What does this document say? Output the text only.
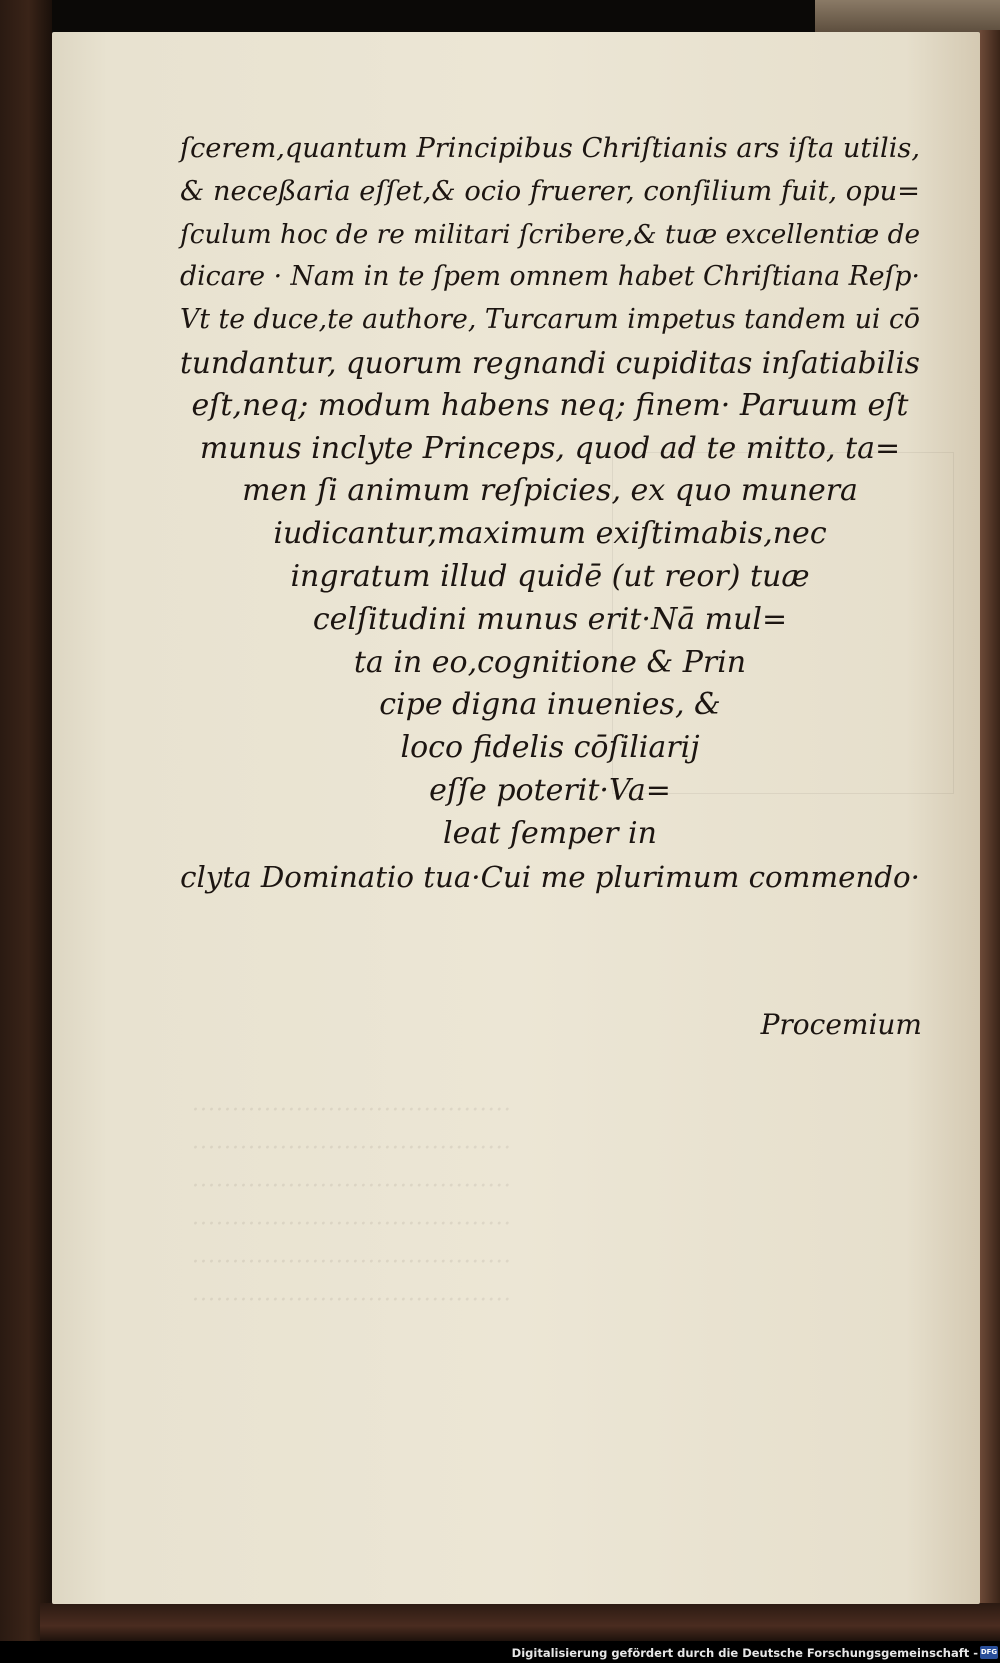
········································
········································
········································
········································
········································
········································
ſcerem,quantum Principibus Chriſtianis ars iſta utilis,
& neceßaria eſſet,& ocio fruerer, conſilium fuit, opu=
ſculum hoc de re militari ſcribere,& tuæ excellentiæ de
dicare · Nam in te ſpem omnem habet Chriſtiana Reſp·
Vt te duce,te authore, Turcarum impetus tandem ui cō
tundantur, quorum regnandi cupiditas inſatiabilis
eſt,neq; modum habens neq; finem· Paruum eſt
munus inclyte Princeps, quod ad te mitto, ta=
men ſi animum reſpicies, ex quo munera
iudicantur,maximum exiſtimabis,nec
ingratum illud quidē (ut reor) tuæ
celſitudini munus erit·Nā mul=
ta in eo,cognitione & Prin
cipe digna inuenies, &
loco fidelis cōſiliarij
eſſe poterit·Va=
leat ſemper in
clyta Dominatio tua·Cui me plurimum commendo·
Procemium
Digitalisierung gefördert durch die Deutsche Forschungsgemeinschaft - DFG
